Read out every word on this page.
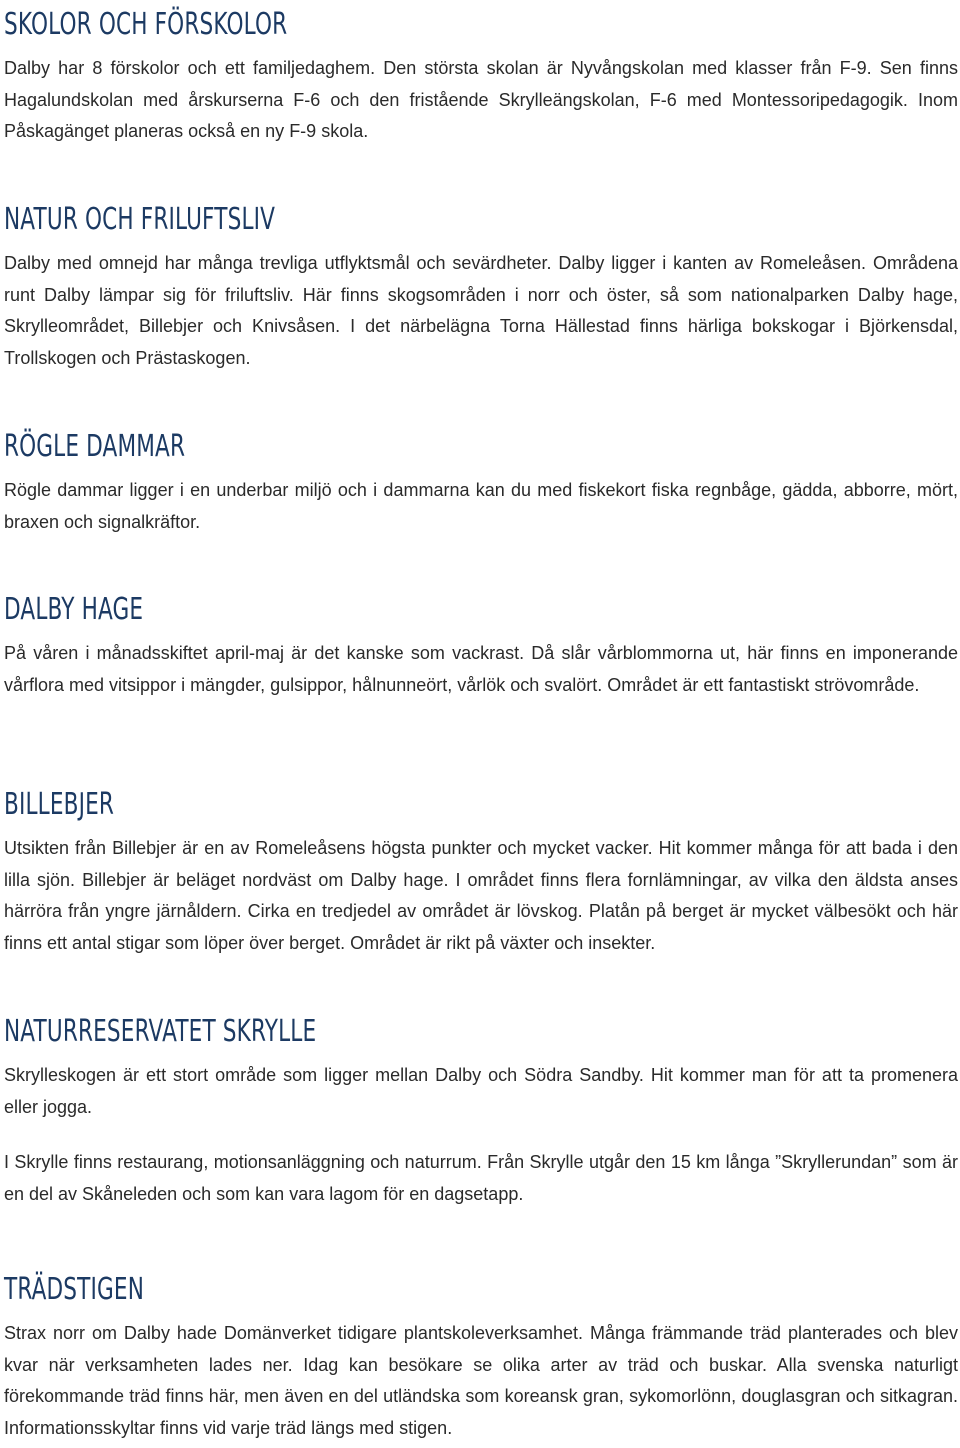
SKOLOR OCH FÖRSKOLOR

Dalby har 8 förskolor och ett familjedaghem. Den största skolan är Nyvångskolan med klasser från F-9. Sen finns Hagalundskolan med årskurserna F-6 och den fristående Skrylleängskolan, F-6 med Montessoripedagogik. Inom Påskagänget planeras också en ny F-9 skola.

NATUR OCH FRILUFTSLIV

Dalby med omnejd har många trevliga utflyktsmål och sevärdheter. Dalby ligger i kanten av Romeleåsen. Områdena runt Dalby lämpar sig för friluftsliv. Här finns skogsområden i norr och öster, så som nationalparken Dalby hage, Skrylleområdet, Billebjer och Knivsåsen. I det närbelägna Torna Hällestad finns härliga bokskogar i Björkensdal, Trollskogen och Prästaskogen.

RÖGLE DAMMAR

Rögle dammar ligger i en underbar miljö och i dammarna kan du med fiskekort fiska regnbåge, gädda, abborre, mört, braxen och signalkräftor.

DALBY HAGE

På våren i månadsskiftet april-maj är det kanske som vackrast. Då slår vårblommorna ut, här finns en imponerande vårflora med vitsippor i mängder, gulsippor, hålnunneört, vårlök och svalört. Området är ett fantastiskt strövområde.

BILLEBJER

Utsikten från Billebjer är en av Romeleåsens högsta punkter och mycket vacker. Hit kommer många för att bada i den lilla sjön. Billebjer är beläget nordväst om Dalby hage. I området finns flera fornlämningar, av vilka den äldsta anses härröra från yngre järnåldern. Cirka en tredjedel av området är lövskog. Platån på berget är mycket välbesökt och här finns ett antal stigar som löper över berget. Området är rikt på växter och insekter.

NATURRESERVATET SKRYLLE

Skrylleskogen är ett stort område som ligger mellan Dalby och Södra Sandby. Hit kommer man för att ta promenera eller jogga.

I Skrylle finns restaurang, motionsanläggning och naturrum. Från Skrylle utgår den 15 km långa ”Skryllerundan” som är en del av Skåneleden och som kan vara lagom för en dagsetapp.

TRÄDSTIGEN

Strax norr om Dalby hade Domänverket tidigare plantskoleverksamhet. Många främmande träd planterades och blev kvar när verksamheten lades ner. Idag kan besökare se olika arter av träd och buskar. Alla svenska naturligt förekommande träd finns här, men även en del utländska som koreansk gran, sykomorlönn, douglasgran och sitkagran. Informationsskyltar finns vid varje träd längs med stigen.
